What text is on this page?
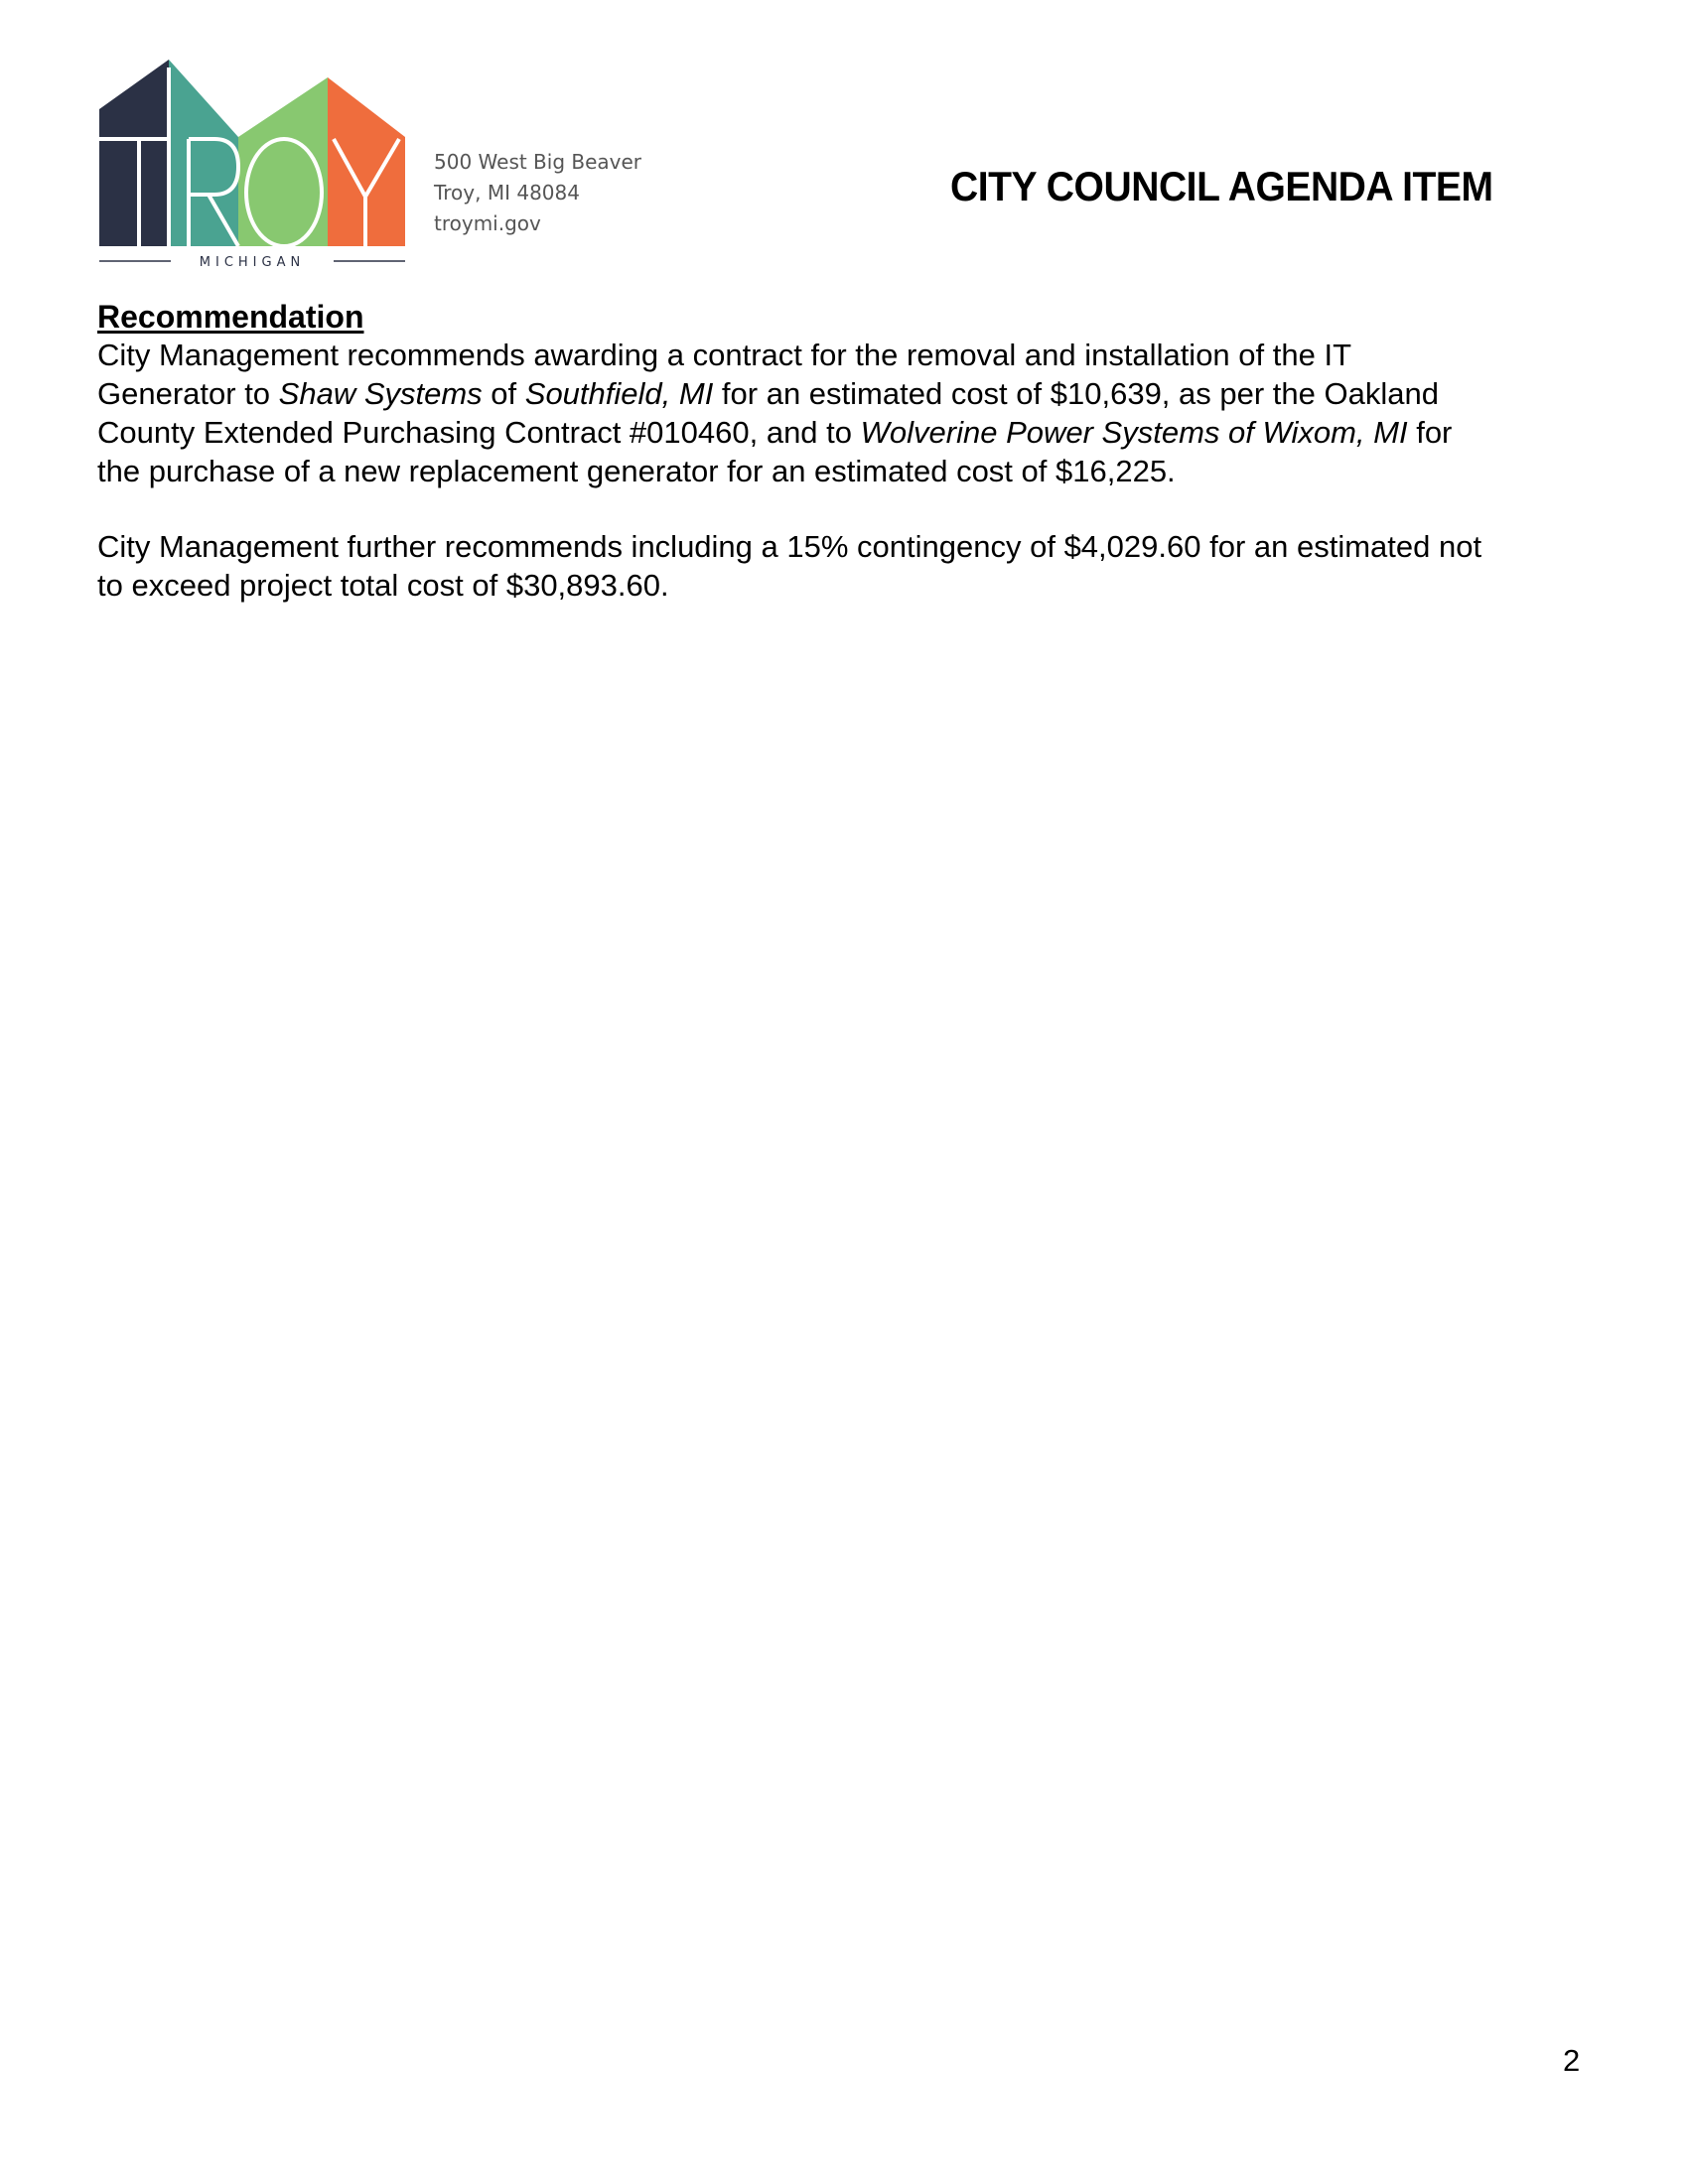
MICHIGAN
500 West Big Beaver
Troy, MI 48084
troymi.gov
CITY COUNCIL AGENDA ITEM
Recommendation

City Management recommends awarding a contract for the removal and installation of the IT
Generator to Shaw Systems of Southfield, MI for an estimated cost of $10,639, as per the Oakland
County Extended Purchasing Contract #010460, and to Wolverine Power Systems of Wixom, MI for
the purchase of a new replacement generator for an estimated cost of $16,225.

City Management further recommends including a 15% contingency of $4,029.60 for an estimated not
to exceed project total cost of $30,893.60.

2
